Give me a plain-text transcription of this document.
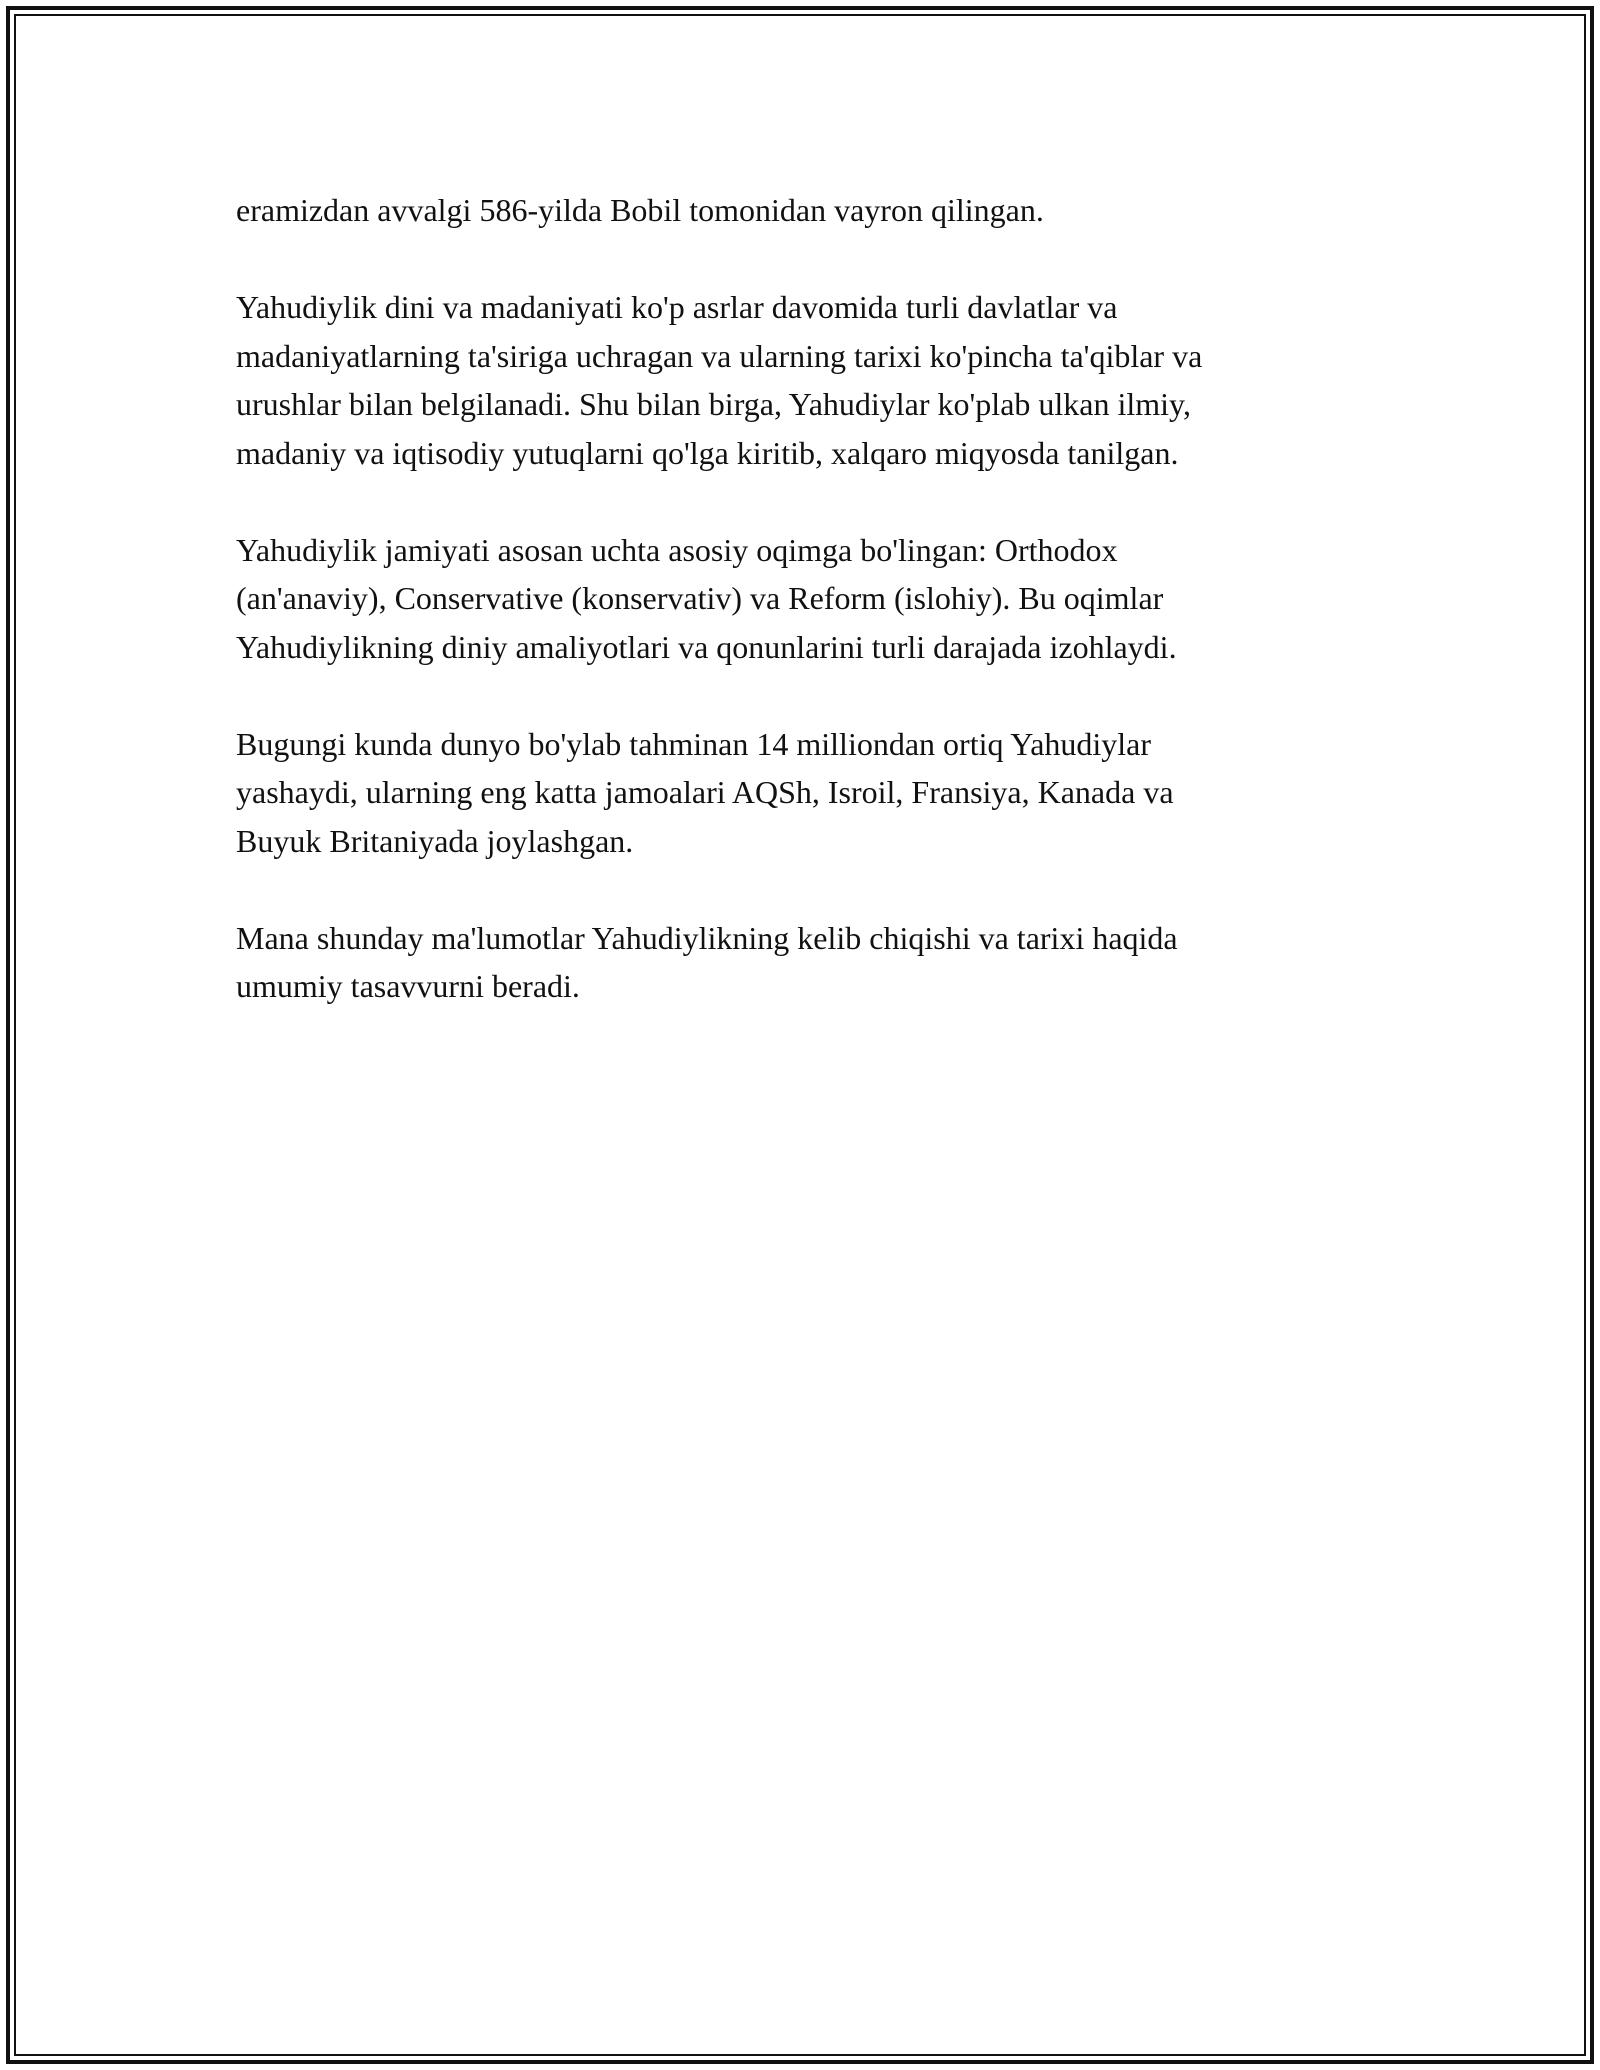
eramizdan avvalgi 586-yilda Bobil tomonidan vayron qilingan.

Yahudiylik dini va madaniyati ko'p asrlar davomida turli davlatlar va
madaniyatlarning ta'siriga uchragan va ularning tarixi ko'pincha ta'qiblar va
urushlar bilan belgilanadi. Shu bilan birga, Yahudiylar ko'plab ulkan ilmiy,
madaniy va iqtisodiy yutuqlarni qo'lga kiritib, xalqaro miqyosda tanilgan.

Yahudiylik jamiyati asosan uchta asosiy oqimga bo'lingan: Orthodox
(an'anaviy), Conservative (konservativ) va Reform (islohiy). Bu oqimlar
Yahudiylikning diniy amaliyotlari va qonunlarini turli darajada izohlaydi.

Bugungi kunda dunyo bo'ylab tahminan 14 milliondan ortiq Yahudiylar
yashaydi, ularning eng katta jamoalari AQSh, Isroil, Fransiya, Kanada va
Buyuk Britaniyada joylashgan.

Mana shunday ma'lumotlar Yahudiylikning kelib chiqishi va tarixi haqida
umumiy tasavvurni beradi.
